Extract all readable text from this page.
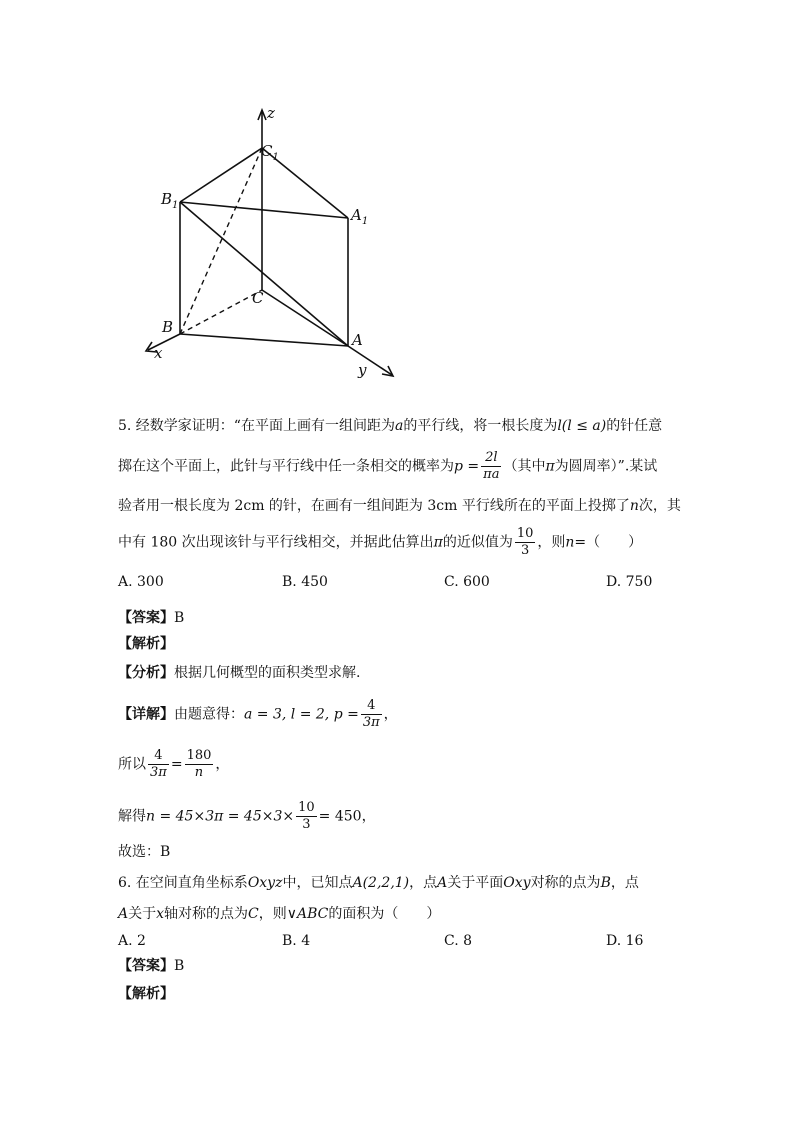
z
$C_1$
$B_1$
$A_1$
C
B
A
x
y
5. 经数学家证明：“在平面上画有一组间距为a的平行线，将一根长度为l(l ≤ a)的针任意
掷在这个平面上，此针与平行线中任一条相交的概率为$p = \frac{2l}{\pi a}$ （其中π为圆周率）”.某试
验者用一根长度为 2cm 的针，在画有一组间距为 3cm 平行线所在的平面上投掷了n次，其
中有 180 次出现该针与平行线相交，并据此估算出π的近似值为 $\frac{10}{3}$ ，则n=（　　）
A. 300	B. 450	C. 600	D. 750
【答案】B
【解析】
【分析】根据几何概型的面积类型求解.
【详解】由题意得：a = 3, l = 2, $p = \frac{4}{3\pi}$ ，
所以 $\frac{4}{3\pi} = \frac{180}{n}$ ，
解得$n = 45\times 3\pi = 45\times 3\times \frac{10}{3} = 450$，
故选：B
6. 在空间直角坐标系Oxyz中，已知点A(2,2,1)，点A关于平面Oxy对称的点为B，点
A关于x轴对称的点为C，则∨ABC的面积为（　　）
A. 2	B. 4	C. 8	D. 16
【答案】B
【解析】
